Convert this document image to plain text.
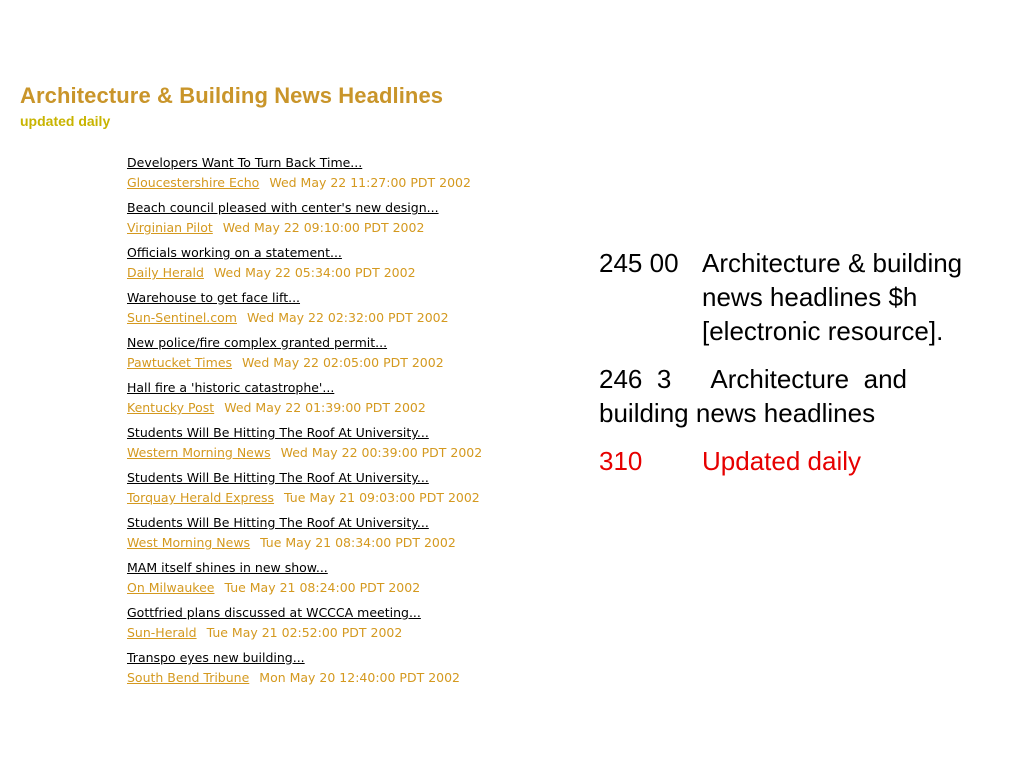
Architecture & Building News Headlines
updated daily
Developers Want To Turn Back Time...
Gloucestershire Echo Wed May 22 11:27:00 PDT 2002
Beach council pleased with center's new design...
Virginian Pilot Wed May 22 09:10:00 PDT 2002
Officials working on a statement...
Daily Herald Wed May 22 05:34:00 PDT 2002
Warehouse to get face lift...
Sun-Sentinel.com Wed May 22 02:32:00 PDT 2002
New police/fire complex granted permit...
Pawtucket Times Wed May 22 02:05:00 PDT 2002
Hall fire a 'historic catastrophe'...
Kentucky Post Wed May 22 01:39:00 PDT 2002
Students Will Be Hitting The Roof At University...
Western Morning News Wed May 22 00:39:00 PDT 2002
Students Will Be Hitting The Roof At University...
Torquay Herald Express Tue May 21 09:03:00 PDT 2002
Students Will Be Hitting The Roof At University...
West Morning News Tue May 21 08:34:00 PDT 2002
MAM itself shines in new show...
On Milwaukee Tue May 21 08:24:00 PDT 2002
Gottfried plans discussed at WCCCA meeting...
Sun-Herald Tue May 21 02:52:00 PDT 2002
Transpo eyes new building...
South Bend Tribune Mon May 20 12:40:00 PDT 2002
245 00 Architecture & building news headlines $h [electronic resource].
246 3  Architecture and building news headlines
310	Updated daily
